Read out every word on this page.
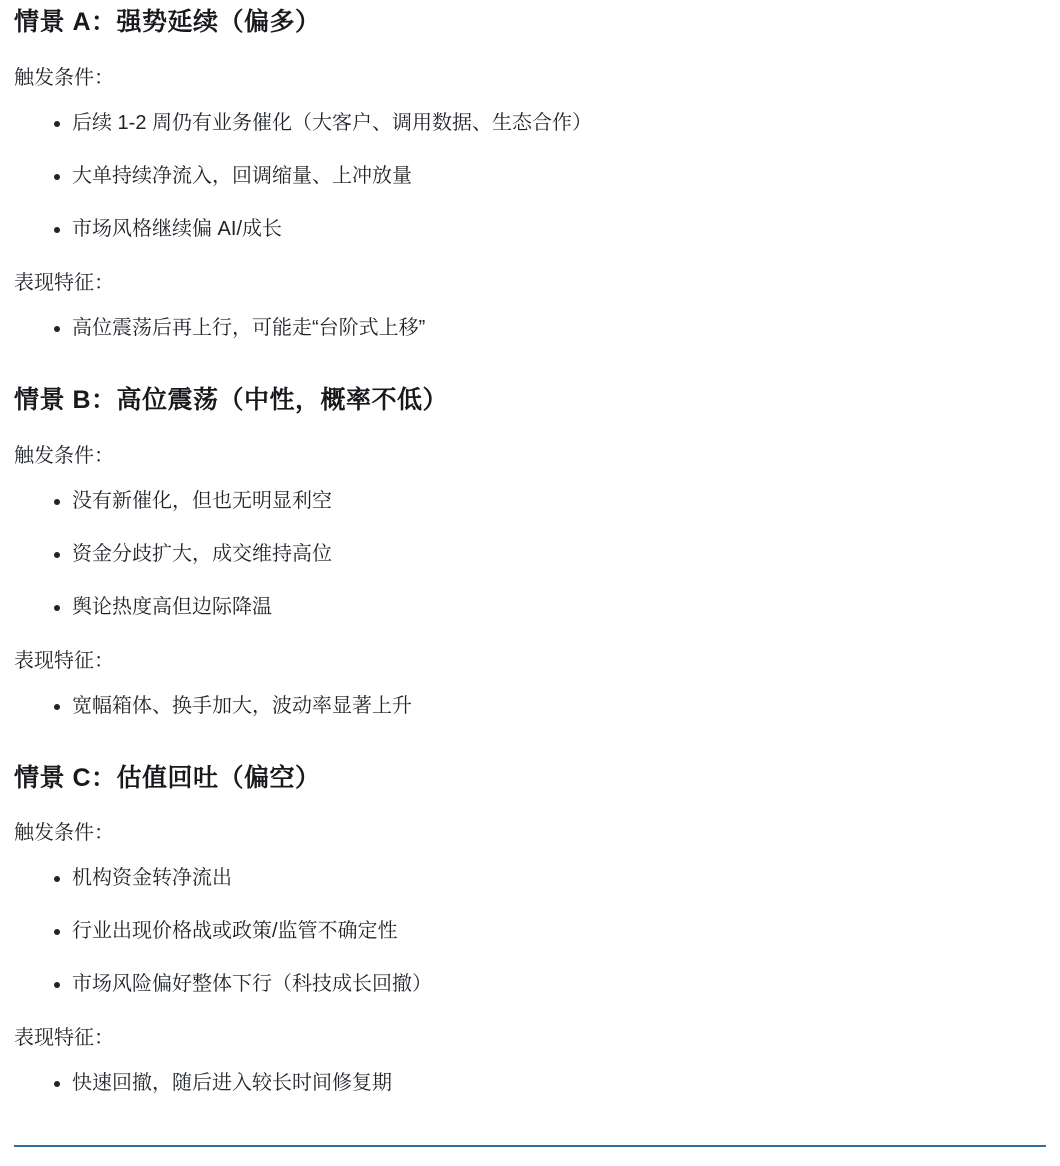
情景 A：强势延续（偏多）

触发条件：

后续 1-2 周仍有业务催化（大客户、调用数据、生态合作）
大单持续净流入，回调缩量、上冲放量
市场风格继续偏 AI/成长

表现特征：

高位震荡后再上行，可能走“台阶式上移”
情景 B：高位震荡（中性，概率不低）

触发条件：

没有新催化，但也无明显利空
资金分歧扩大，成交维持高位
舆论热度高但边际降温

表现特征：

宽幅箱体、换手加大，波动率显著上升
情景 C：估值回吐（偏空）

触发条件：

机构资金转净流出
行业出现价格战或政策/监管不确定性
市场风险偏好整体下行（科技成长回撤）

表现特征：

快速回撤，随后进入较长时间修复期
